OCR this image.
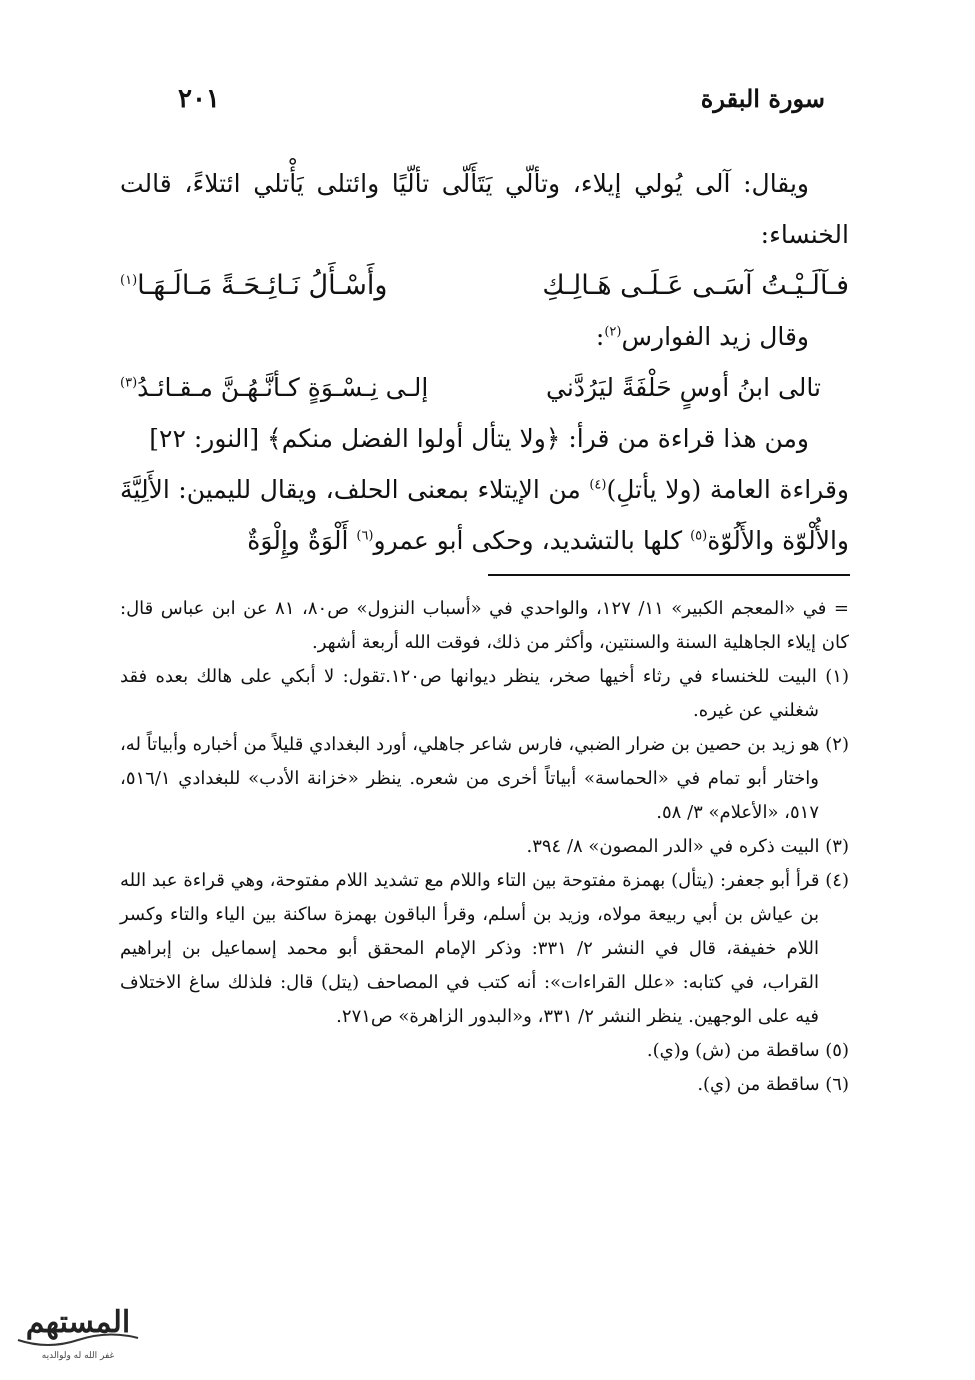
سورة البقرة
٢٠١

ويقال: آلى يُولي إيلاء، وتألّي يَتَأَلّى تألّيًا وائتلى يَأْتلي ائتلاءً، قالت الخنساء:

فـآلَـيْـتُ آسَـى عَـلَـى هَـالِـكِ
وأَسْـأَلُ نَـائِـحَـةً مَـالَـهَـا$^{(١)}$

وقال زيد الفوارس$^{(٢)}$:

تالى ابنُ أوسٍ حَلْفَةً ليَرُدَّني
إلـى نِـسْـوَةٍ كـأنَّـهُـنَّ مـقـائـدُ$^{(٣)}$

ومن هذا قراءة من قرأ: ﴿ولا يتأل أولوا الفضل منكم﴾ [النور: ٢٢]

وقراءة العامة (ولا يأتلِ)$^{(٤)}$ من الإيتلاء بمعنى الحلف، ويقال لليمين: الأَلِيَّةَ والأُلْوّة والأَلُوّة$^{(٥)}$ كلها بالتشديد، وحكى أبو عمرو$^{(٦)}$ أَلْوَةٌ وإِلْوَةٌ

= في «المعجم الكبير» ١١/ ١٢٧، والواحدي في «أسباب النزول» ص٨٠، ٨١ عن ابن عباس قال: كان إيلاء الجاهلية السنة والسنتين، وأكثر من ذلك، فوقت الله أربعة أشهر.

(١) البيت للخنساء في رثاء أخيها صخر، ينظر ديوانها ص١٢٠.تقول: لا أبكي على هالك بعده فقد شغلني عن غيره.

(٢) هو زيد بن حصين بن ضرار الضبي، فارس شاعر جاهلي، أورد البغدادي قليلاً من أخباره وأبياتاً له، واختار أبو تمام في «الحماسة» أبياتاً أخرى من شعره. ينظر «خزانة الأدب» للبغدادي ٥١٦/١، ٥١٧، «الأعلام» ٣/ ٥٨.

(٣) البيت ذكره في «الدر المصون» ٨/ ٣٩٤.

(٤) قرأ أبو جعفر: (يتأل) بهمزة مفتوحة بين التاء واللام مع تشديد اللام مفتوحة، وهي قراءة عبد الله بن عياش بن أبي ربيعة مولاه، وزيد بن أسلم، وقرأ الباقون بهمزة ساكنة بين الياء والتاء وكسر اللام خفيفة، قال في النشر ٢/ ٣٣١: وذكر الإمام المحقق أبو محمد إسماعيل بن إبراهيم القراب، في كتابه: «علل القراءات»: أنه كتب في المصاحف (يتل) قال: فلذلك ساغ الاختلاف فيه على الوجهين. ينظر النشر ٢/ ٣٣١، و«البدور الزاهرة» ص٢٧١.

(٥) ساقطة من (ش) و(ي).

(٦) ساقطة من (ي).

المستهم
غفر الله له ولوالديه
